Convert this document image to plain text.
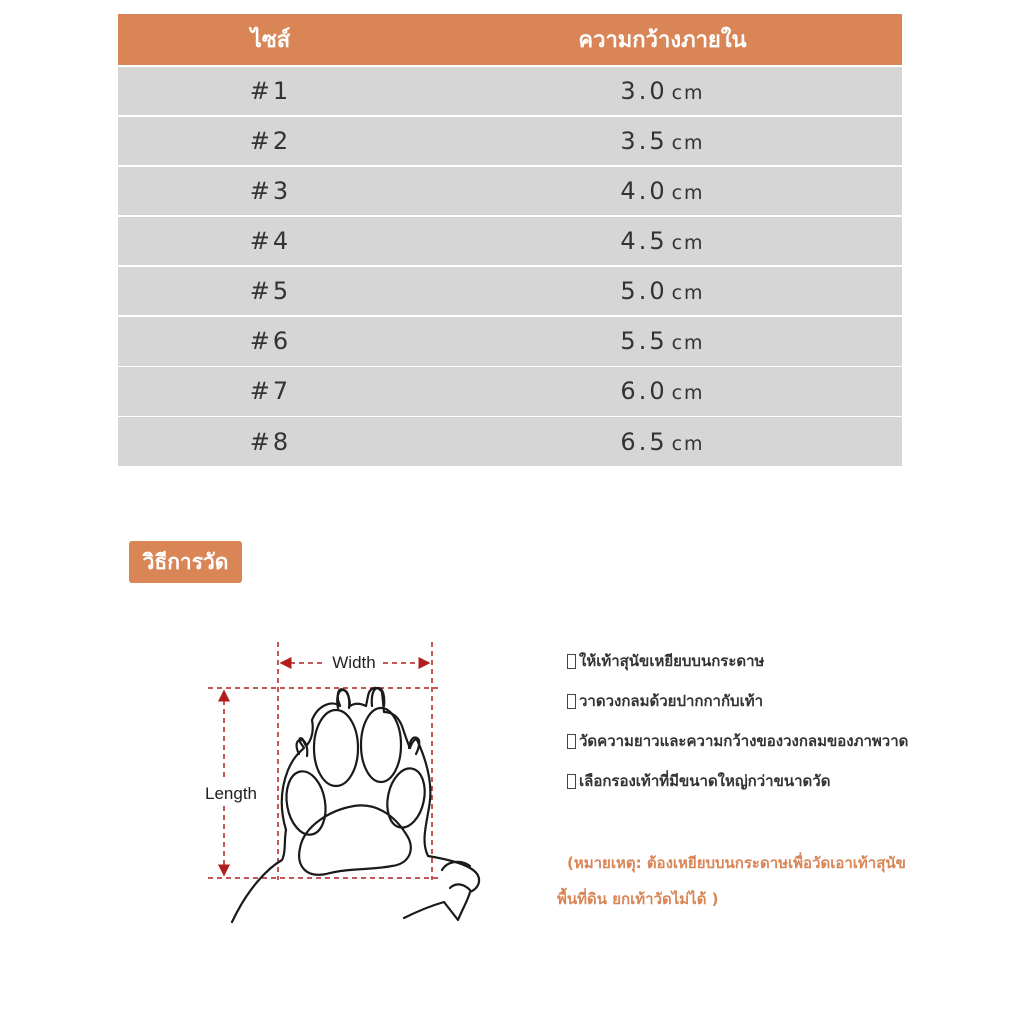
ไซส์	ความกว้างภายใน
#1	3.0 cm
#2	3.5 cm
#3	4.0 cm
#4	4.5 cm
#5	5.0 cm
#6	5.5 cm
#7	6.0 cm
#8	6.5 cm
วิธีการวัด
Width
Length
ให้เท้าสุนัขเหยียบบนกระดาษ
วาดวงกลมด้วยปากกากับเท้า
วัดความยาวและความกว้างของวงกลมของภาพวาด
เลือกรองเท้าที่มีขนาดใหญ่กว่าขนาดวัด
(หมายเหตุ: ต้องเหยียบบนกระดาษเพื่อวัดเอาเท้าสุนัข
พื้นที่ดิน ยกเท้าวัดไม่ได้ )
